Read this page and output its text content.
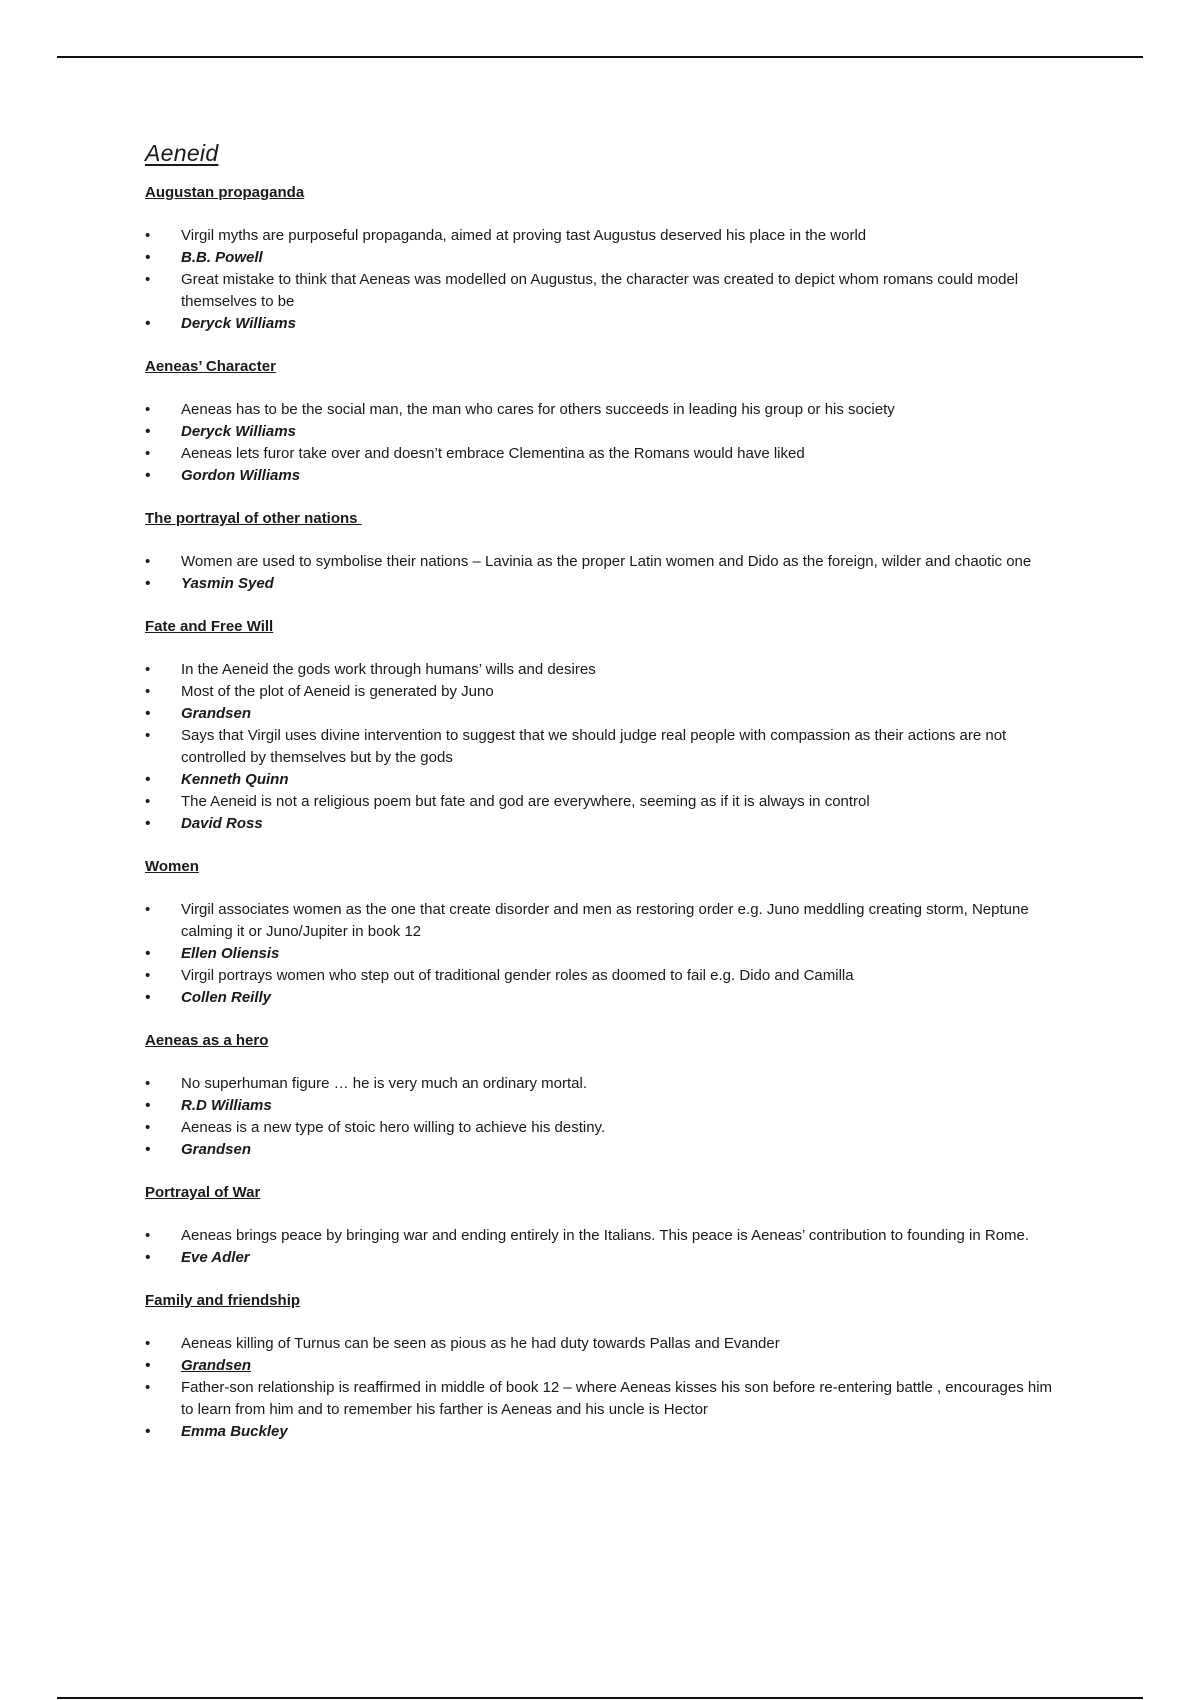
Aeneid
Augustan propaganda
• Virgil myths are purposeful propaganda, aimed at proving tast Augustus deserved his place in the world
• B.B. Powell
• Great mistake to think that Aeneas was modelled on Augustus, the character was created to depict whom romans could model themselves to be
• Deryck Williams
Aeneas’ Character
• Aeneas has to be the social man, the man who cares for others succeeds in leading his group or his society
• Deryck Williams
• Aeneas lets furor take over and doesn’t embrace Clementina as the Romans would have liked
• Gordon Williams
The portrayal of other nations
• Women are used to symbolise their nations – Lavinia as the proper Latin women and Dido as the foreign, wilder and chaotic one
• Yasmin Syed
Fate and Free Will
• In the Aeneid the gods work through humans’ wills and desires
• Most of the plot of Aeneid is generated by Juno
• Grandsen
• Says that Virgil uses divine intervention to suggest that we should judge real people with compassion as their actions are not controlled by themselves but by the gods
• Kenneth Quinn
• The Aeneid is not a religious poem but fate and god are everywhere, seeming as if it is always in control
• David Ross
Women
• Virgil associates women as the one that create disorder and men as restoring order e.g. Juno meddling creating storm, Neptune calming it or Juno/Jupiter in book 12
• Ellen Oliensis
• Virgil portrays women who step out of traditional gender roles as doomed to fail e.g. Dido and Camilla
• Collen Reilly
Aeneas as a hero
• No superhuman figure … he is very much an ordinary mortal.
• R.D Williams
• Aeneas is a new type of stoic hero willing to achieve his destiny.
• Grandsen
Portrayal of War
• Aeneas brings peace by bringing war and ending entirely in the Italians. This peace is Aeneas’ contribution to founding in Rome.
• Eve Adler
Family and friendship
• Aeneas killing of Turnus can be seen as pious as he had duty towards Pallas and Evander
• Grandsen
• Father-son relationship is reaffirmed in middle of book 12 – where Aeneas kisses his son before re-entering battle , encourages him to learn from him and to remember his farther is Aeneas and his uncle is Hector
• Emma Buckley
